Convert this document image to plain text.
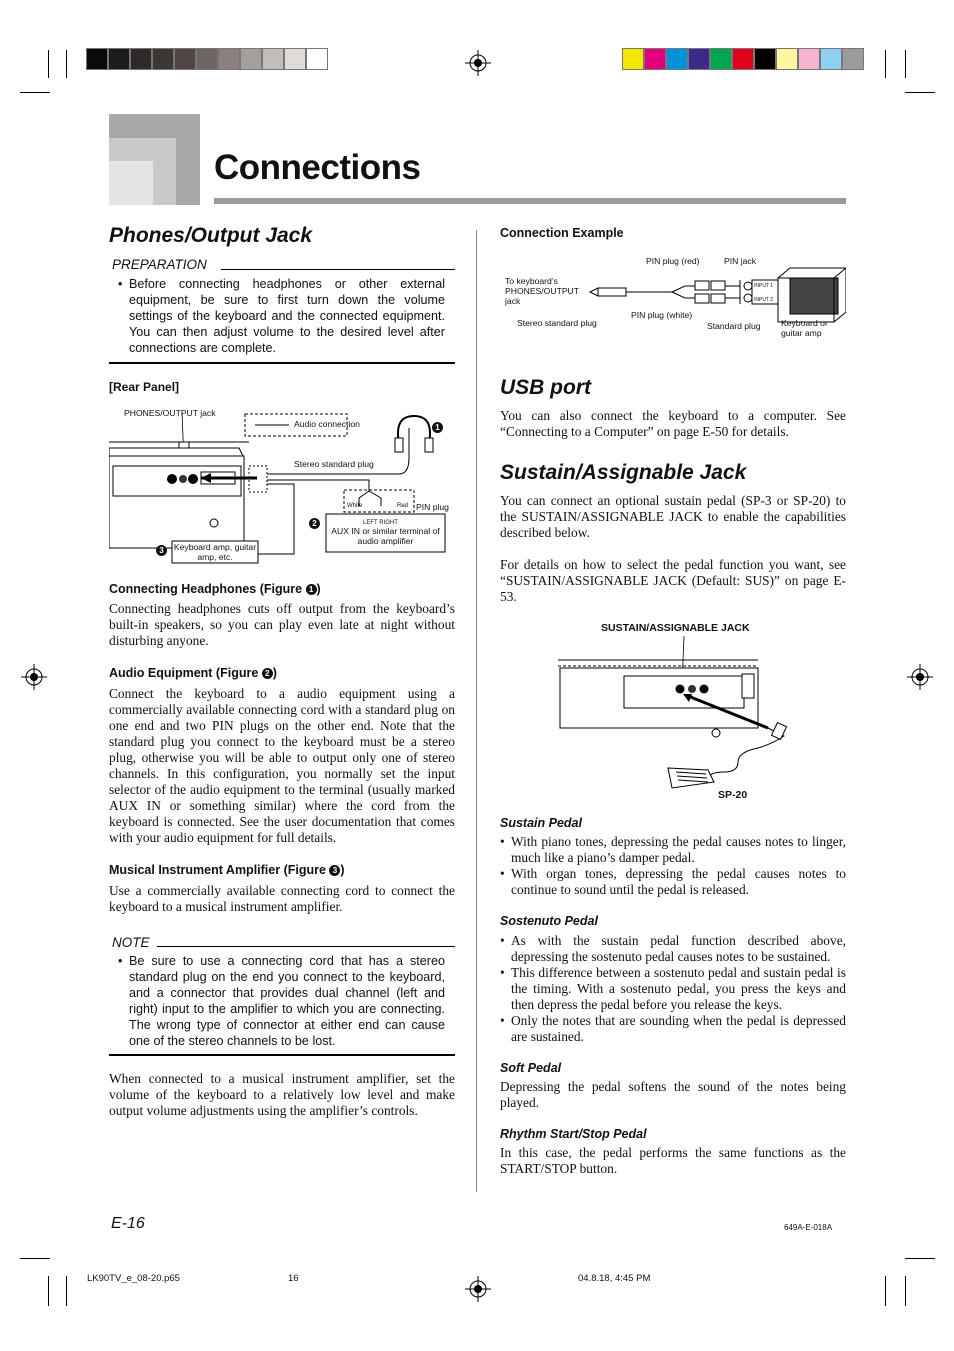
Connections
Phones/Output Jack
PREPARATION
• Before connecting headphones or other external equipment, be sure to first turn down the volume settings of the keyboard and the connected equipment. You can then adjust volume to the desired level after connections are complete.
[Rear Panel]
PHONES/OUTPUT jack
Audio connection
Stereo standard plug
1
2
3
White	Red PIN plug
LEFT RIGHT
AUX IN or similar terminal of audio amplifier
Keyboard amp, guitar amp, etc.
Connecting Headphones (Figure 1 )
Connecting headphones cuts off output from the keyboard’s built-in speakers, so you can play even late at night without disturbing anyone.
Audio Equipment (Figure 2 )
Connect the keyboard to a audio equipment using a commercially available connecting cord with a standard plug on one end and two PIN plugs on the other end. Note that the standard plug you connect to the keyboard must be a stereo plug, otherwise you will be able to output only one of stereo channels. In this configuration, you normally set the input selector of the audio equipment to the terminal (usually marked AUX IN or something similar) where the cord from the keyboard is connected. See the user documentation that comes with your audio equipment for full details.
Musical Instrument Amplifier (Figure 3 )
Use a commercially available connecting cord to connect the keyboard to a musical instrument amplifier.
NOTE
• Be sure to use a connecting cord that has a stereo standard plug on the end you connect to the keyboard, and a connector that provides dual channel (left and right) input to the amplifier to which you are connecting. The wrong type of connector at either end can cause one of the stereo channels to be lost.
When connected to a musical instrument amplifier, set the volume of the keyboard to a relatively low level and make output volume adjustments using the amplifier’s controls.
Connection Example
PIN plug (red)	PIN jack
To keyboard’s PHONES/OUTPUT jack
PIN plug (white)
Stereo standard plug	Standard plug Keyboard or guitar amp
INPUT 1
INPUT 2
USB port
You can also connect the keyboard to a computer. See “Connecting to a Computer” on page E-50 for details.
Sustain/Assignable Jack
You can connect an optional sustain pedal (SP-3 or SP-20) to the SUSTAIN/ASSIGNABLE JACK to enable the capabilities described below.
For details on how to select the pedal function you want, see “SUSTAIN/ASSIGNABLE JACK (Default: SUS)” on page E-53.
SUSTAIN/ASSIGNABLE JACK
SP-20
Sustain Pedal
• With piano tones, depressing the pedal causes notes to linger, much like a piano’s damper pedal.
• With organ tones, depressing the pedal causes notes to continue to sound until the pedal is released.
Sostenuto Pedal
• As with the sustain pedal function described above, depressing the sostenuto pedal causes notes to be sustained.
• This difference between a sostenuto pedal and sustain pedal is the timing. With a sostenuto pedal, you press the keys and then depress the pedal before you release the keys.
• Only the notes that are sounding when the pedal is depressed are sustained.
Soft Pedal
Depressing the pedal softens the sound of the notes being played.
Rhythm Start/Stop Pedal
In this case, the pedal performs the same functions as the START/STOP button.
E-16	649A-E-018A
LK90TV_e_08-20.p65	16	04.8.18, 4:45 PM
